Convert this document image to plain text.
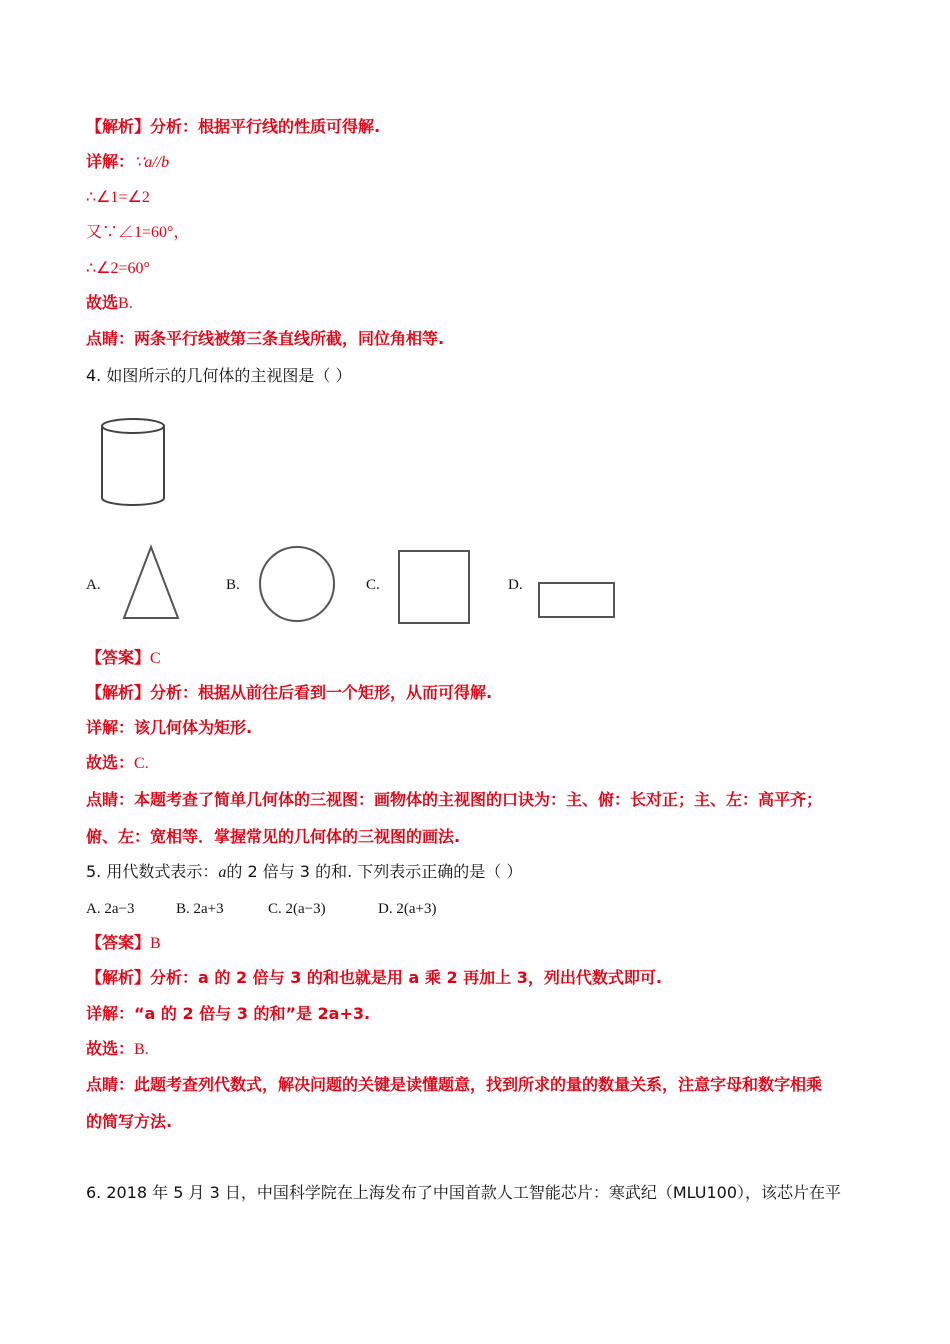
【解析】分析：根据平行线的性质可得解.
详解：∵a//b
∴∠1=∠2
又∵∠1=60°，
∴∠2=60°
故选B.
点睛：两条平行线被第三条直线所截，同位角相等.
4. 如图所示的几何体的主视图是（ ）
A.	B.	C.	D.
【答案】C
【解析】分析：根据从前往后看到一个矩形，从而可得解.
详解：该几何体为矩形.
故选：C.
点睛：本题考查了简单几何体的三视图：画物体的主视图的口诀为：主、俯：长对正；主、左：高平齐；
俯、左：宽相等．掌握常见的几何体的三视图的画法.
5. 用代数式表示：a的 2 倍与 3 的和. 下列表示正确的是（ ）
A. 2a−3	B. 2a+3	C. 2(a−3)	D. 2(a+3)
【答案】B
【解析】分析：a 的 2 倍与 3 的和也就是用 a 乘 2 再加上 3，列出代数式即可.
详解：“a 的 2 倍与 3 的和”是 2a+3.
故选：B.
点睛：此题考查列代数式，解决问题的关键是读懂题意，找到所求的量的数量关系，注意字母和数字相乘
的简写方法.
6. 2018 年 5 月 3 日，中国科学院在上海发布了中国首款人工智能芯片：寒武纪（MLU100），该芯片在平
